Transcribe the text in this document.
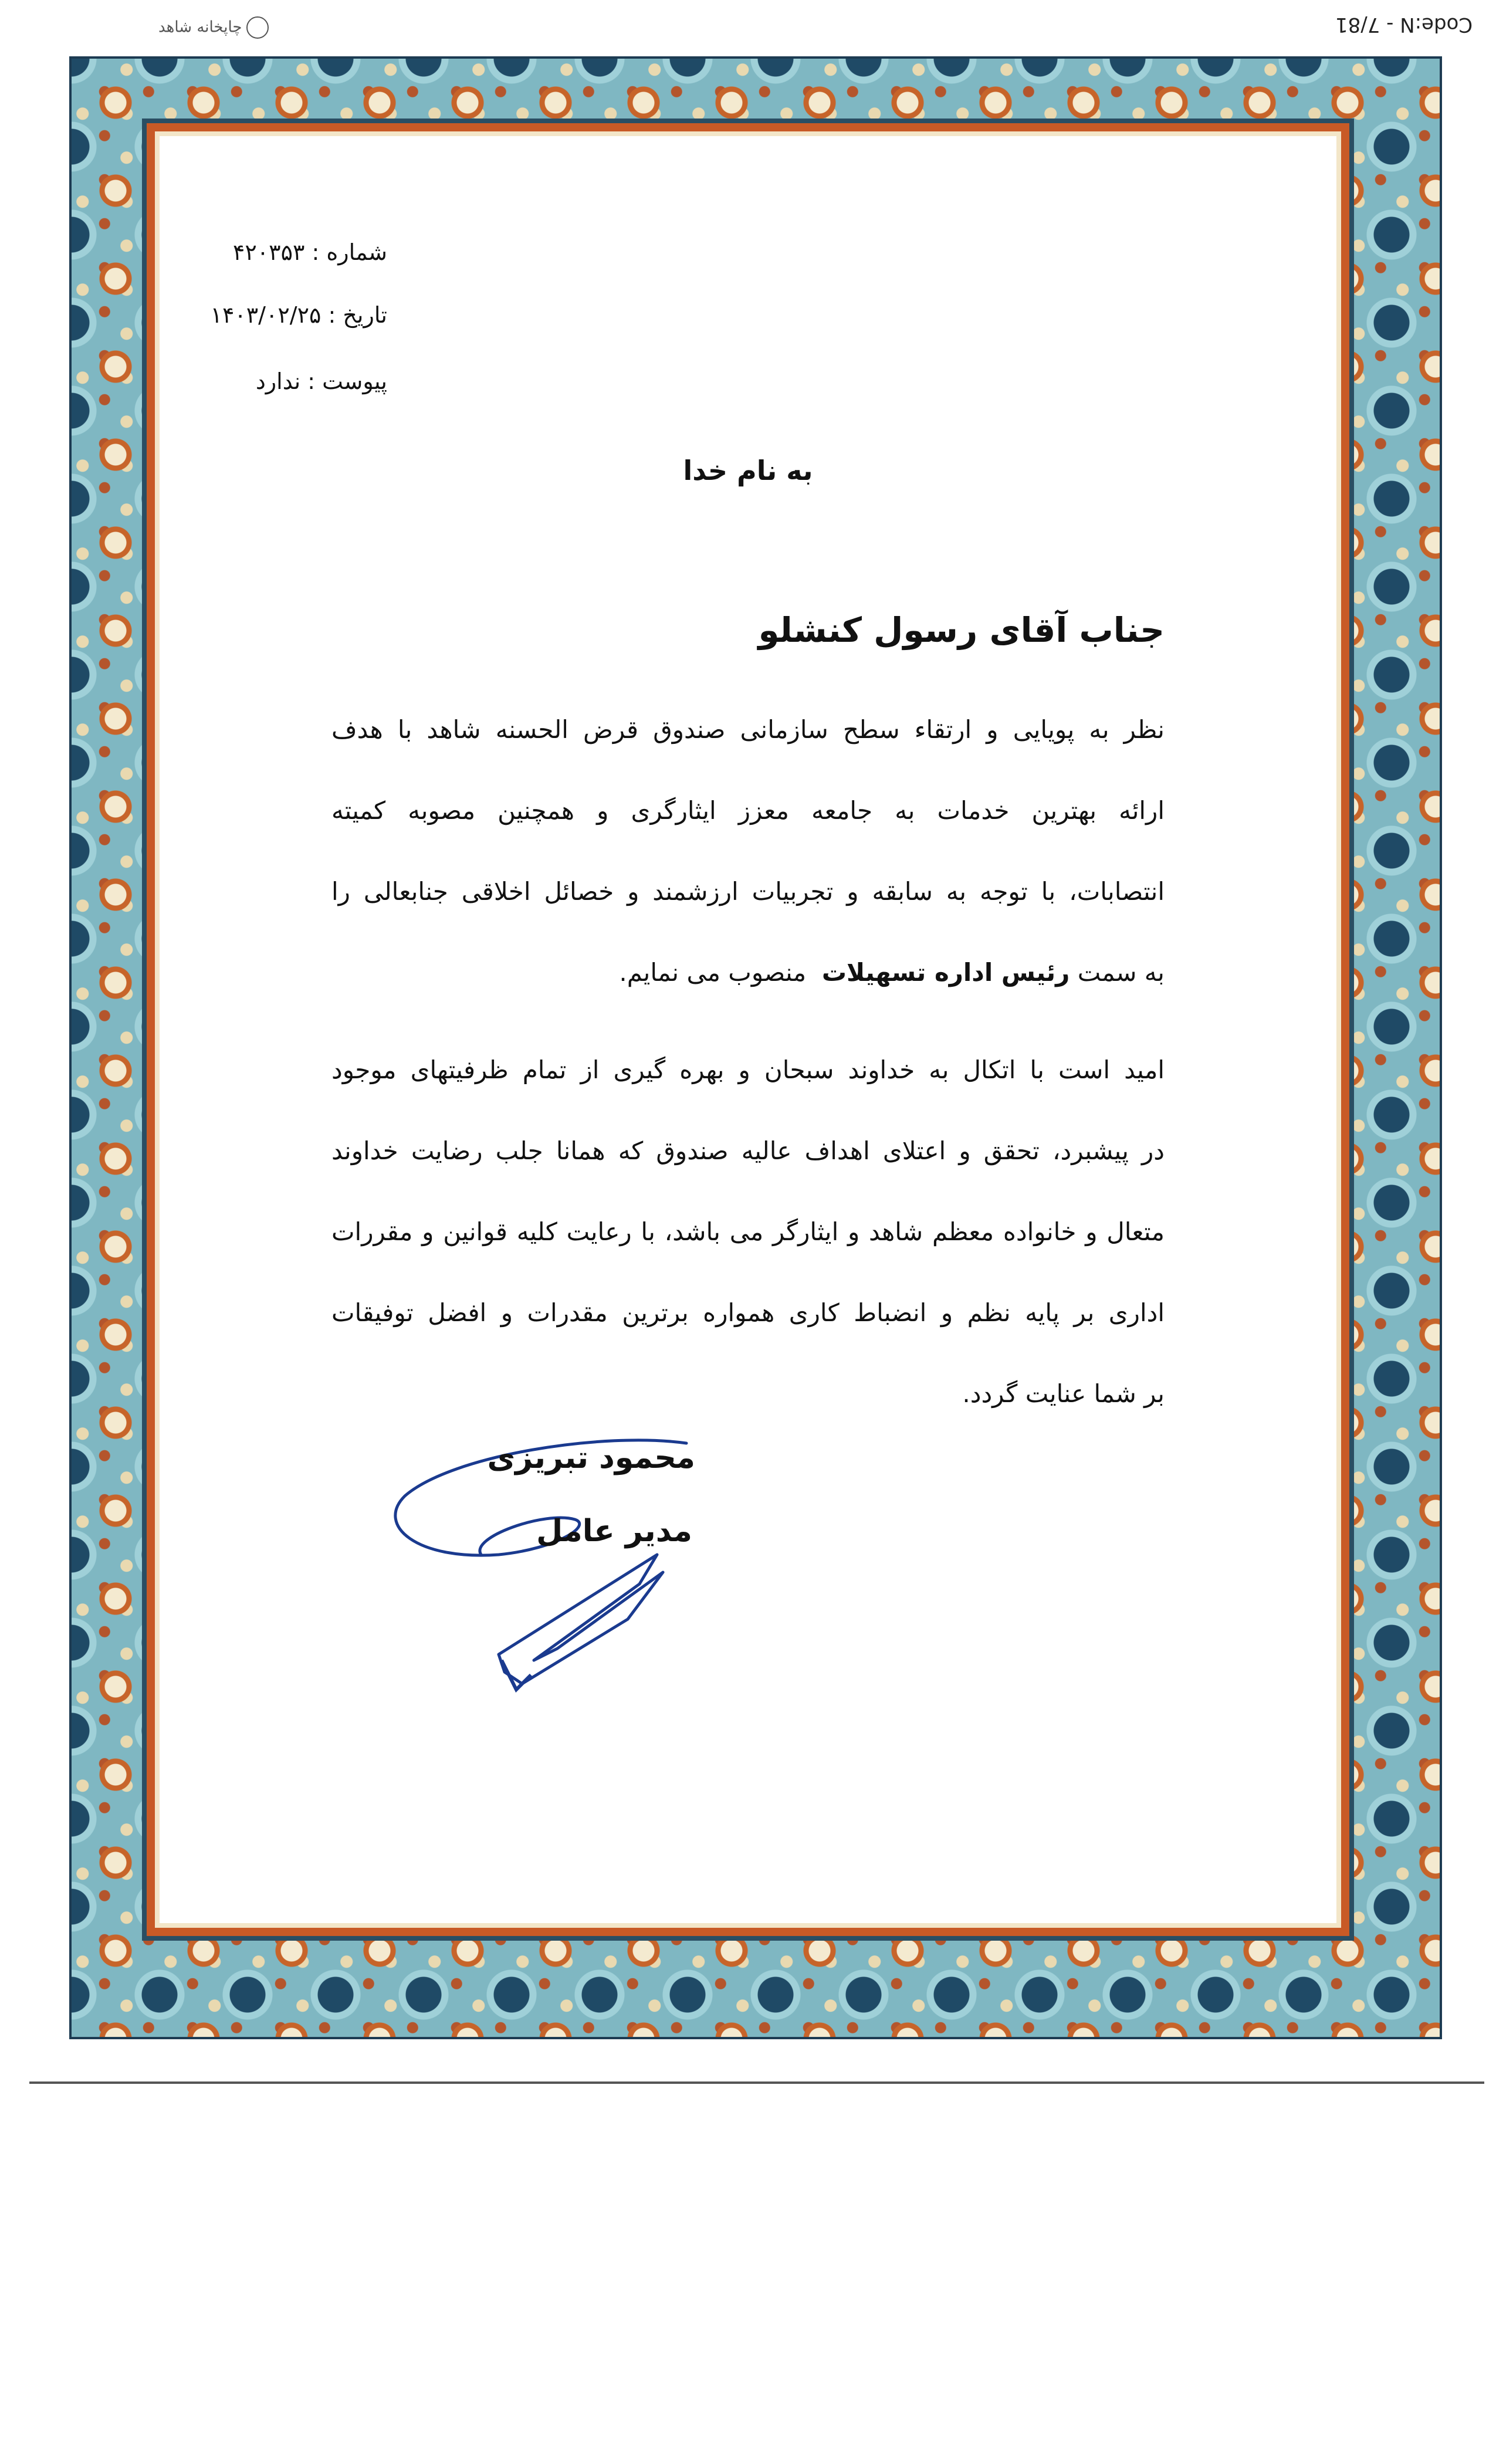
چاپخانه شاهد	Code:N - 7/81
شماره : ۴۲۰۳۵۳
تاریخ : ۱۴۰۳/۰۲/۲۵
پیوست : ندارد
به نام خدا
جناب آقای رسول کنشلو
نظر به پویایی و ارتقاء سطح سازمانی صندوق قرض الحسنه شاهد با هدف
ارائه بهترین خدمات به جامعه معزز ایثارگری و همچنین مصوبه کمیته
انتصابات، با توجه به سابقه و تجربیات ارزشمند و خصائل اخلاقی جنابعالی را
به سمت رئیس اداره تسهیلات  منصوب می نمایم.
امید است با اتکال به خداوند سبحان و بهره گیری از تمام ظرفیتهای موجود
در پیشبرد، تحقق و اعتلای اهداف عالیه صندوق که همانا جلب رضایت خداوند
متعال و خانواده معظم شاهد و ایثارگر می باشد، با رعایت کلیه قوانین و مقررات
اداری بر پایه نظم و انضباط کاری همواره برترین مقدرات و افضل توفیقات
بر شما عنایت گردد.
محمود تبریزی
مدیر عامل
